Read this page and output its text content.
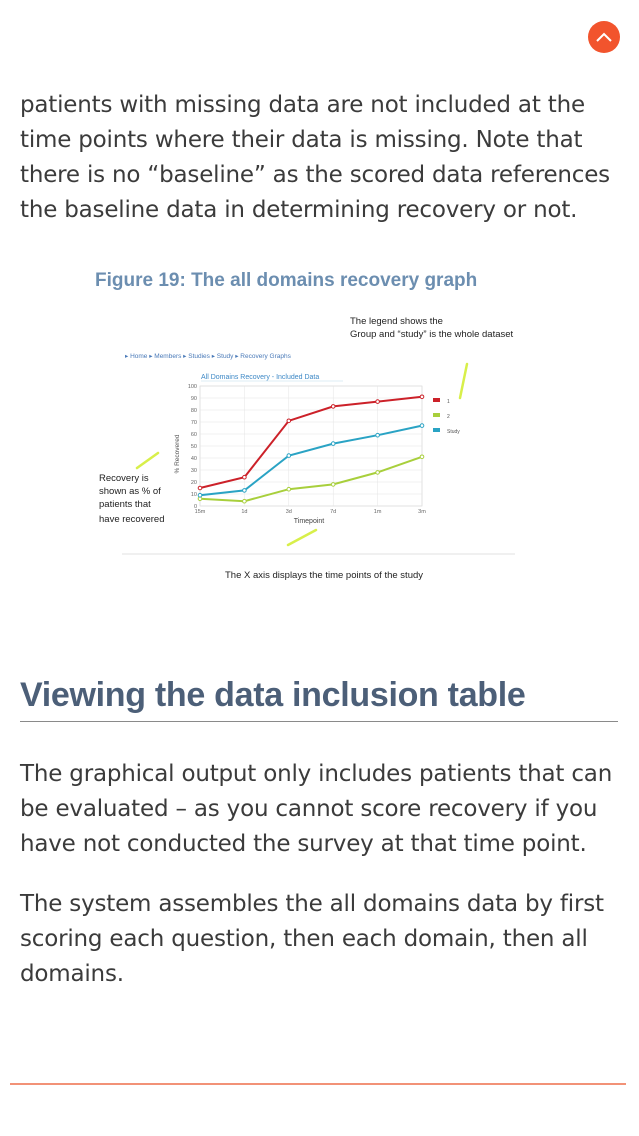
patients with missing data are not included at the
time points where their data is missing. Note that
there is no “baseline” as the scored data references
the baseline data in determining recovery or not.

Figure 19: The all domains recovery graph

The legend shows the
Group and “study” is the whole dataset
▸ Home ▸ Members ▸ Studies ▸ Study ▸ Recovery Graphs
All Domains Recovery - Included Data
0
10
20
30
40
50
60
70
80
90
100
15m	1d	3d	7d	1m	3m
1
2
Study
% Recovered
Timepoint
Recovery is
shown as % of
patients that
have recovered
The X axis displays the time points of the study
Viewing the data inclusion table
The graphical output only includes patients that can
be evaluated – as you cannot score recovery if you
have not conducted the survey at that time point.
The system assembles the all domains data by first
scoring each question, then each domain, then all
domains.
